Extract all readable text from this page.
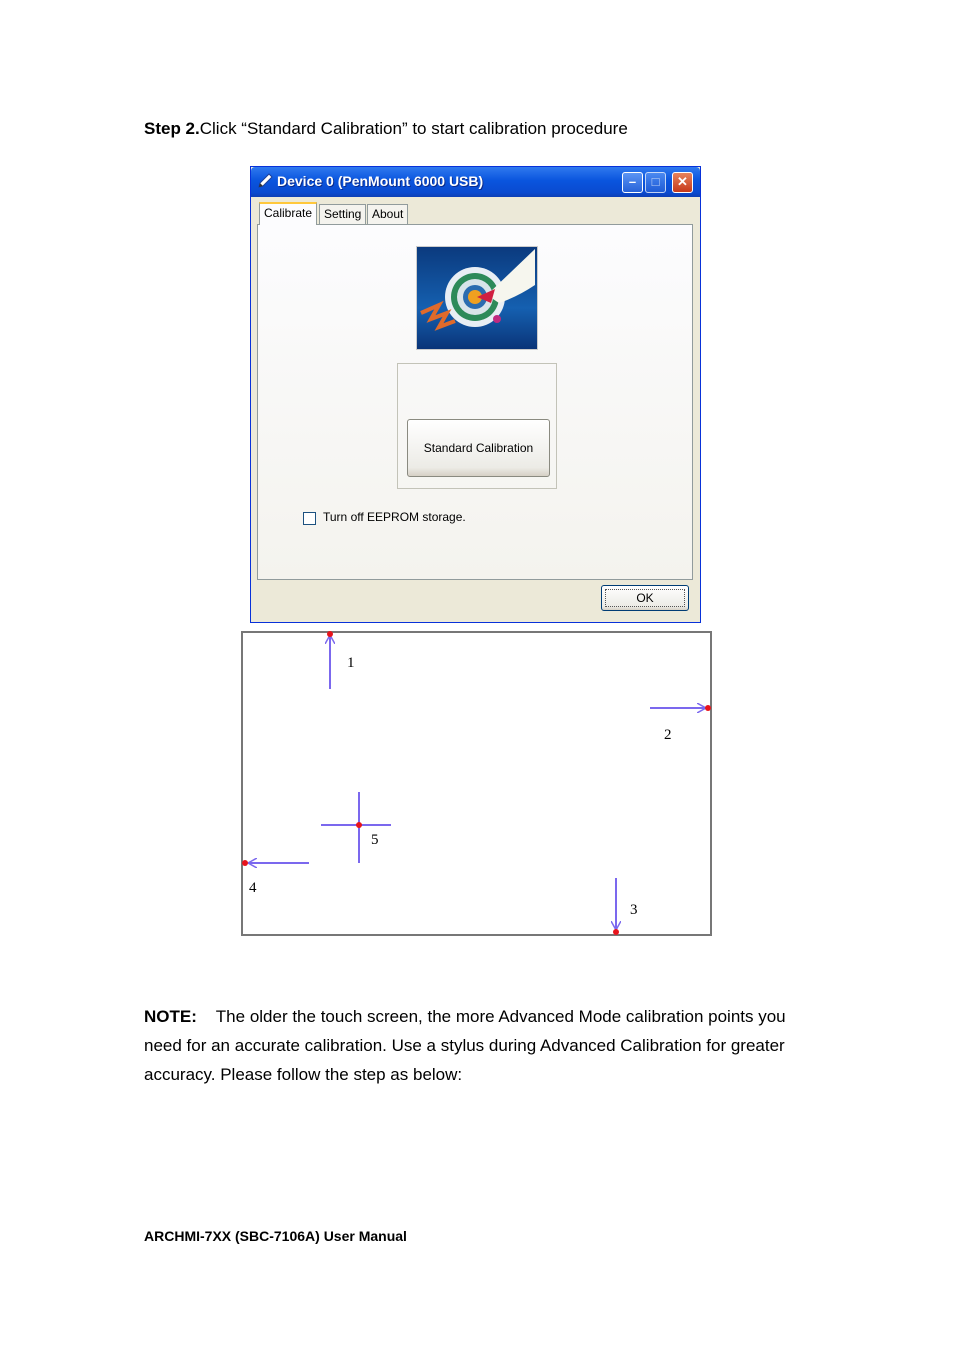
Step 2.Click “Standard Calibration” to start calibration procedure
Device 0 (PenMount 6000 USB)	–	□	✕
Calibrate Setting About
Standard Calibration
Turn off EEPROM storage.
OK
1
2
3
4
5
NOTE: The older the touch screen, the more Advanced Mode calibration points you need for an accurate calibration. Use a stylus during Advanced Calibration for greater accuracy. Please follow the step as below:
ARCHMI-7XX (SBC-7106A) User Manual
